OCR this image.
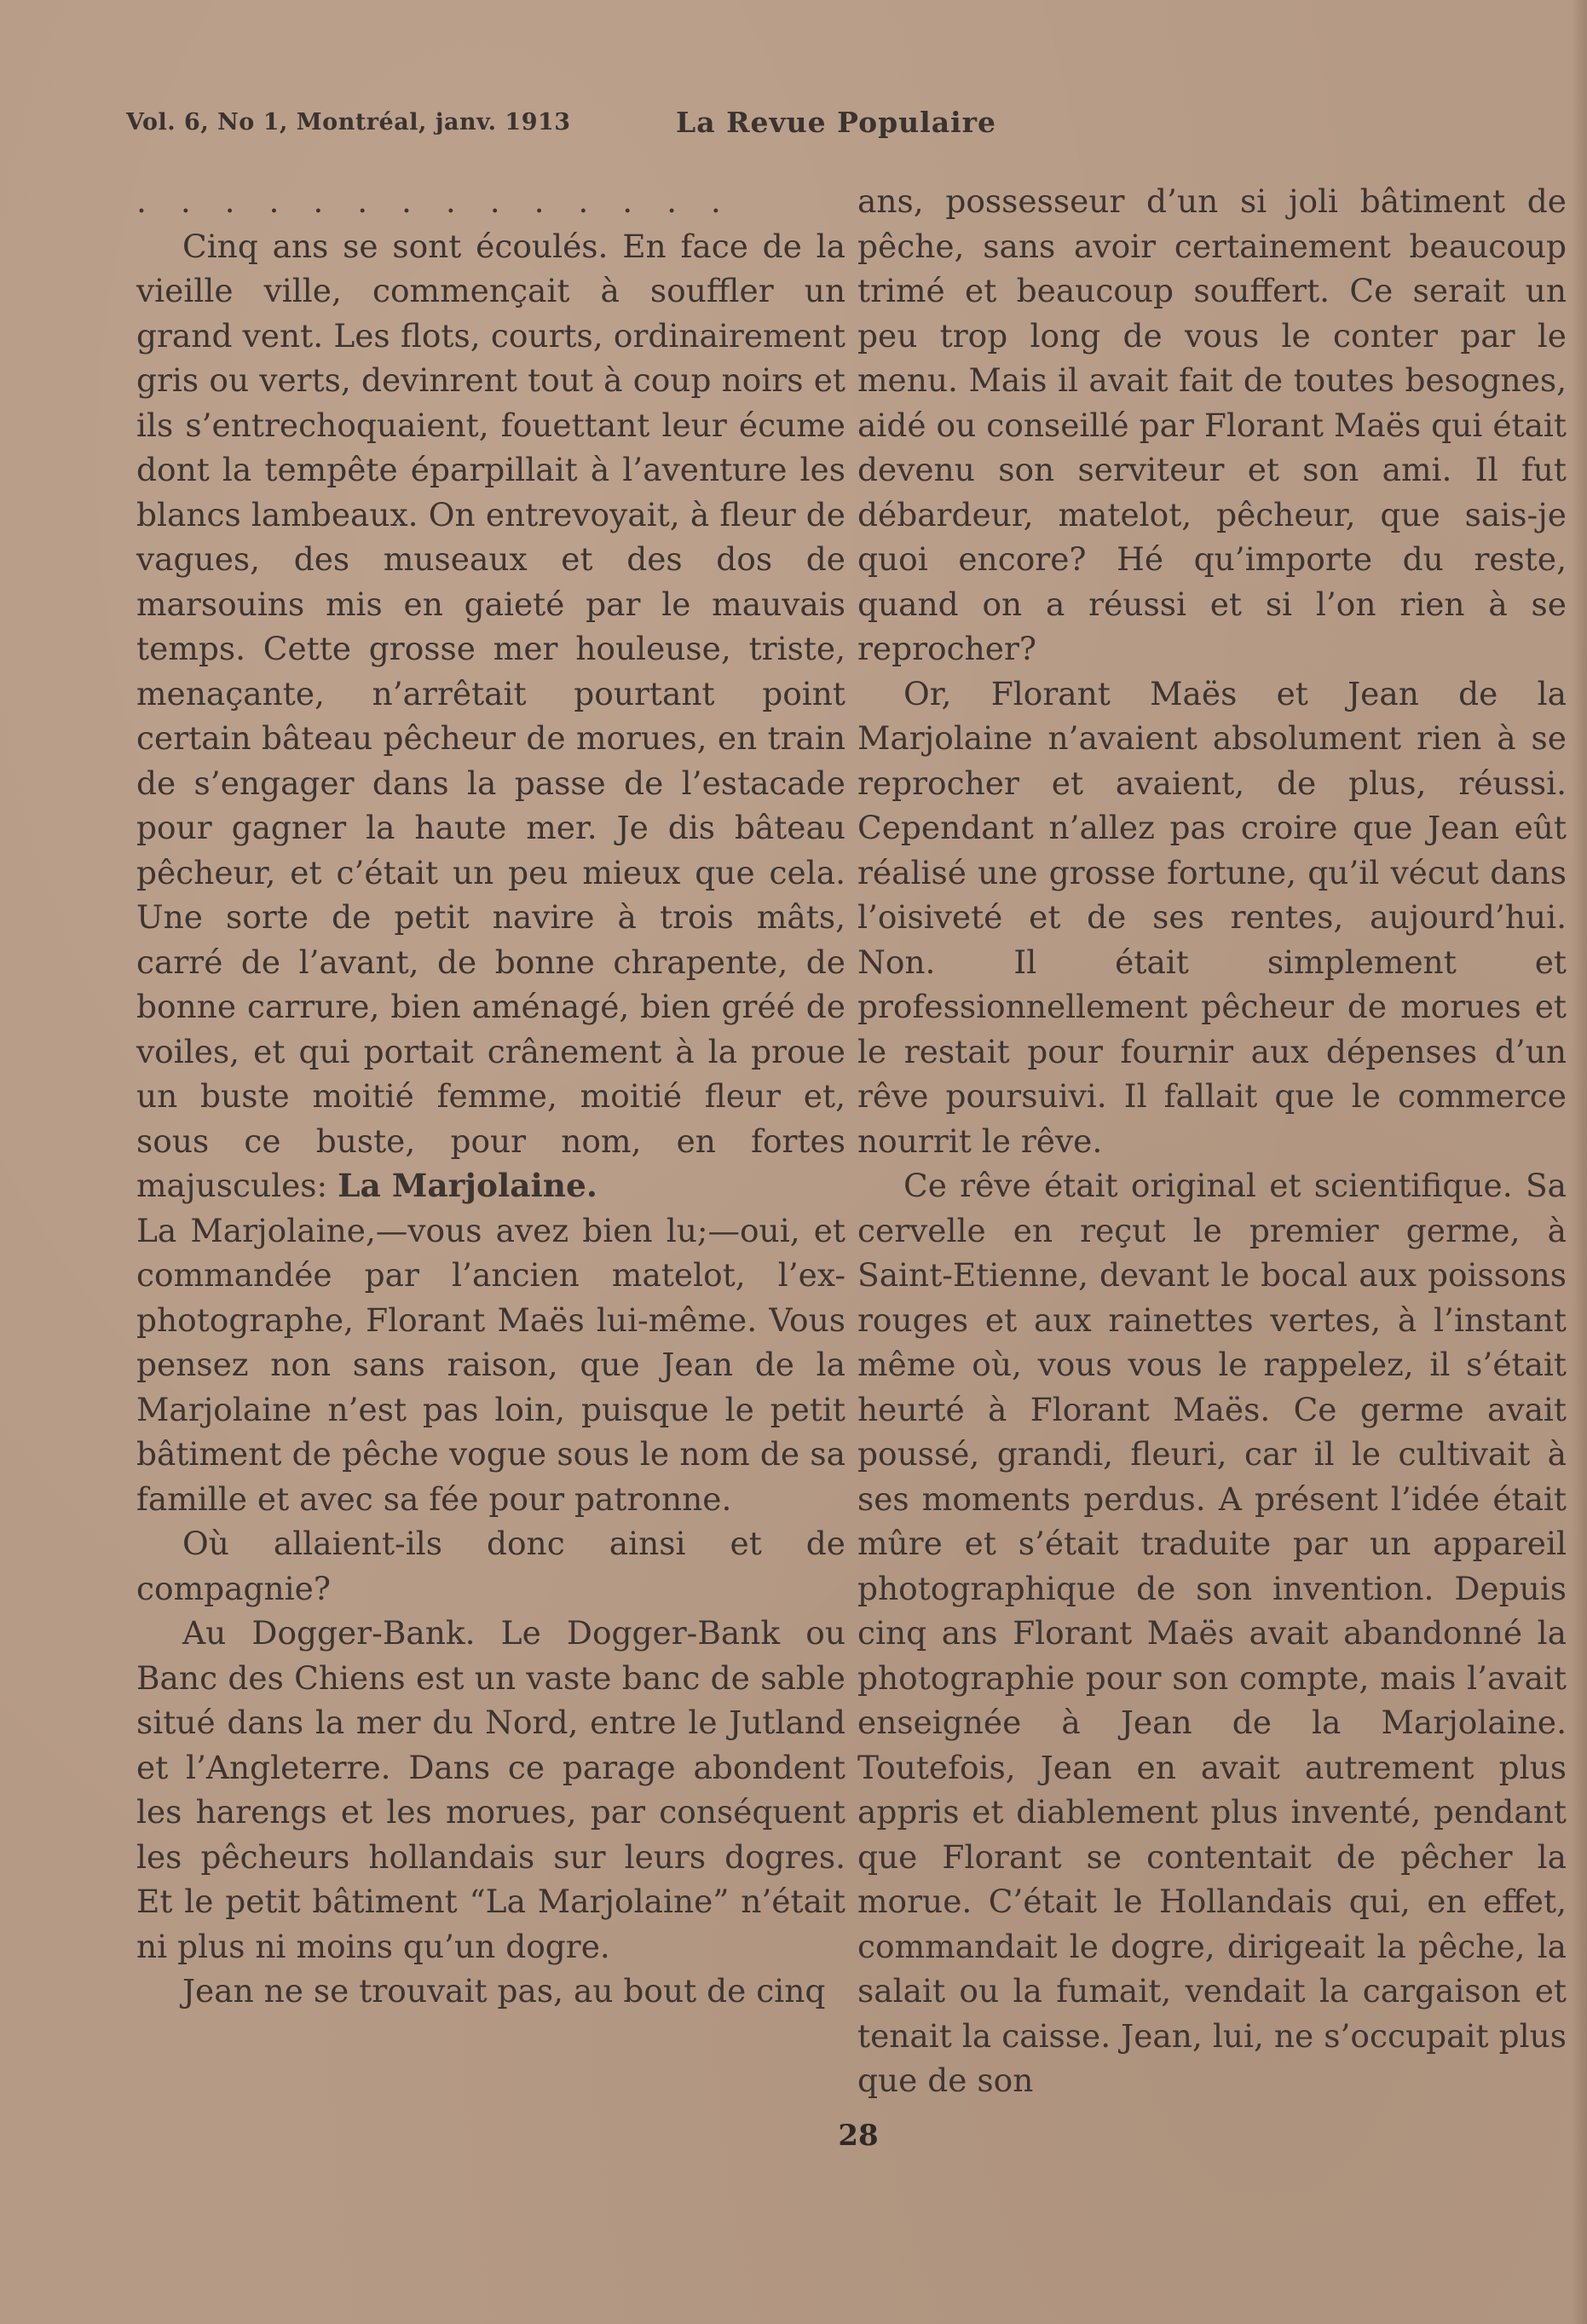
Vol. 6, No 1, Montréal, janv. 1913	La Revue Populaire

. . . . . . . . . . . . . .

Cinq ans se sont écoulés. En face de la vieille ville, commençait à souffler un grand vent. Les flots, courts, ordinairement gris ou verts, devinrent tout à coup noirs et ils s’entrechoquaient, fouettant leur écume dont la tempête éparpillait à l’aventure les blancs lambeaux. On entrevoyait, à fleur de vagues, des museaux et des dos de marsouins mis en gaieté par le mauvais temps. Cette grosse mer houleuse, triste, menaçante, n’arrêtait pourtant point certain bâteau pêcheur de morues, en train de s’engager dans la passe de l’estacade pour gagner la haute mer. Je dis bâteau pêcheur, et c’était un peu mieux que cela. Une sorte de petit navire à trois mâts, carré de l’avant, de bonne chrapente, de bonne carrure, bien aménagé, bien gréé de voiles, et qui portait crânement à la proue un buste moitié femme, moitié fleur et, sous ce buste, pour nom, en fortes majuscules: La Marjolaine.

La Marjolaine,—vous avez bien lu;—oui, et commandée par l’ancien matelot, l’ex-photographe, Florant Maës lui-même. Vous pensez non sans raison, que Jean de la Marjolaine n’est pas loin, puisque le petit bâtiment de pêche vogue sous le nom de sa famille et avec sa fée pour patronne.

Où allaient-ils donc ainsi et de compagnie?

Au Dogger-Bank. Le Dogger-Bank ou Banc des Chiens est un vaste banc de sable situé dans la mer du Nord, entre le Jutland et l’Angleterre. Dans ce parage abondent les harengs et les morues, par conséquent les pêcheurs hollandais sur leurs dogres. Et le petit bâtiment “La Marjolaine” n’était ni plus ni moins qu’un dogre.

Jean ne se trouvait pas, au bout de cinq

ans, possesseur d’un si joli bâtiment de pêche, sans avoir certainement beaucoup trimé et beaucoup souffert. Ce serait un peu trop long de vous le conter par le menu. Mais il avait fait de toutes besognes, aidé ou conseillé par Florant Maës qui était devenu son serviteur et son ami. Il fut débardeur, matelot, pêcheur, que sais-je quoi encore? Hé qu’importe du reste, quand on a réussi et si l’on rien à se reprocher?

Or, Florant Maës et Jean de la Marjolaine n’avaient absolument rien à se reprocher et avaient, de plus, réussi. Cependant n’allez pas croire que Jean eût réalisé une grosse fortune, qu’il vécut dans l’oisiveté et de ses rentes, aujourd’hui. Non. Il était simplement et professionnellement pêcheur de morues et le restait pour fournir aux dépenses d’un rêve poursuivi. Il fallait que le commerce nourrit le rêve.

Ce rêve était original et scientifique. Sa cervelle en reçut le premier germe, à Saint-Etienne, devant le bocal aux poissons rouges et aux rainettes vertes, à l’instant même où, vous vous le rappelez, il s’était heurté à Florant Maës. Ce germe avait poussé, grandi, fleuri, car il le cultivait à ses moments perdus. A présent l’idée était mûre et s’était traduite par un appareil photographique de son invention. Depuis cinq ans Florant Maës avait abandonné la photographie pour son compte, mais l’avait enseignée à Jean de la Marjolaine. Toutefois, Jean en avait autrement plus appris et diablement plus inventé, pendant que Florant se contentait de pêcher la morue. C’était le Hollandais qui, en effet, commandait le dogre, dirigeait la pêche, la salait ou la fumait, vendait la cargaison et tenait la caisse. Jean, lui, ne s’occupait plus que de son

28
